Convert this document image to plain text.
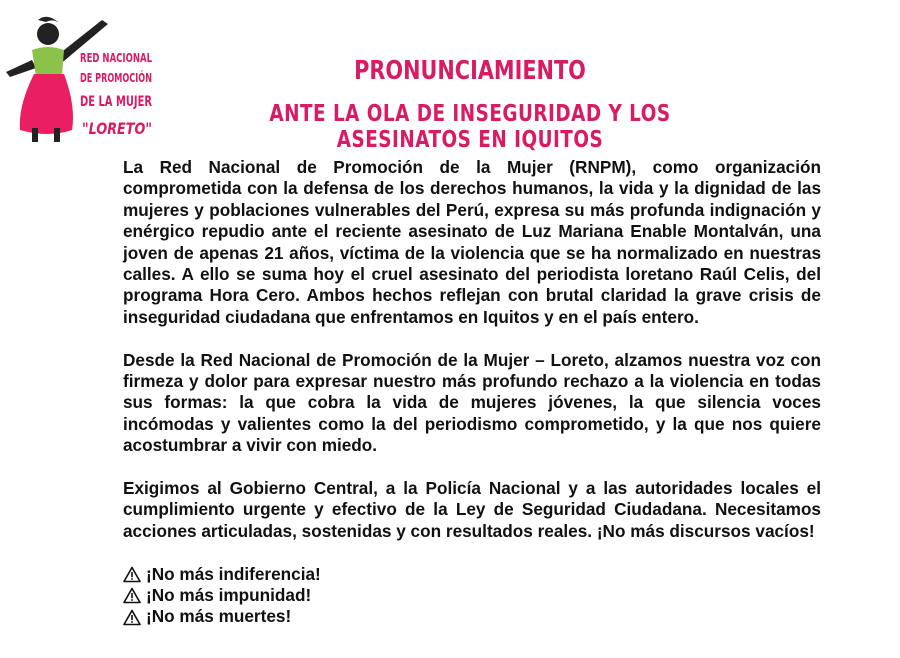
RED NACIONAL
DE PROMOCIÓN
DE LA MUJER
"LORETO"
PRONUNCIAMIENTO
ANTE LA OLA DE INSEGURIDAD Y LOS ASESINATOS EN IQUITOS

La Red Nacional de Promoción de la Mujer (RNPM), como organización comprometida con la defensa de los derechos humanos, la vida y la dignidad de las mujeres y poblaciones vulnerables del Perú, expresa su más profunda indignación y enérgico repudio ante el reciente asesinato de Luz Mariana Enable Montalván, una joven de apenas 21 años, víctima de la violencia que se ha normalizado en nuestras calles. A ello se suma hoy el cruel asesinato del periodista loretano Raúl Celis, del programa Hora Cero. Ambos hechos reflejan con brutal claridad la grave crisis de inseguridad ciudadana que enfrentamos en Iquitos y en el país entero.

Desde la Red Nacional de Promoción de la Mujer – Loreto, alzamos nuestra voz con firmeza y dolor para expresar nuestro más profundo rechazo a la violencia en todas sus formas: la que cobra la vida de mujeres jóvenes, la que silencia voces incómodas y valientes como la del periodismo comprometido, y la que nos quiere acostumbrar a vivir con miedo.

Exigimos al Gobierno Central, a la Policía Nacional y a las autoridades locales el cumplimiento urgente y efectivo de la Ley de Seguridad Ciudadana. Necesitamos acciones articuladas, sostenidas y con resultados reales. ¡No más discursos vacíos!

¡No más indiferencia!
¡No más impunidad!
¡No más muertes!
